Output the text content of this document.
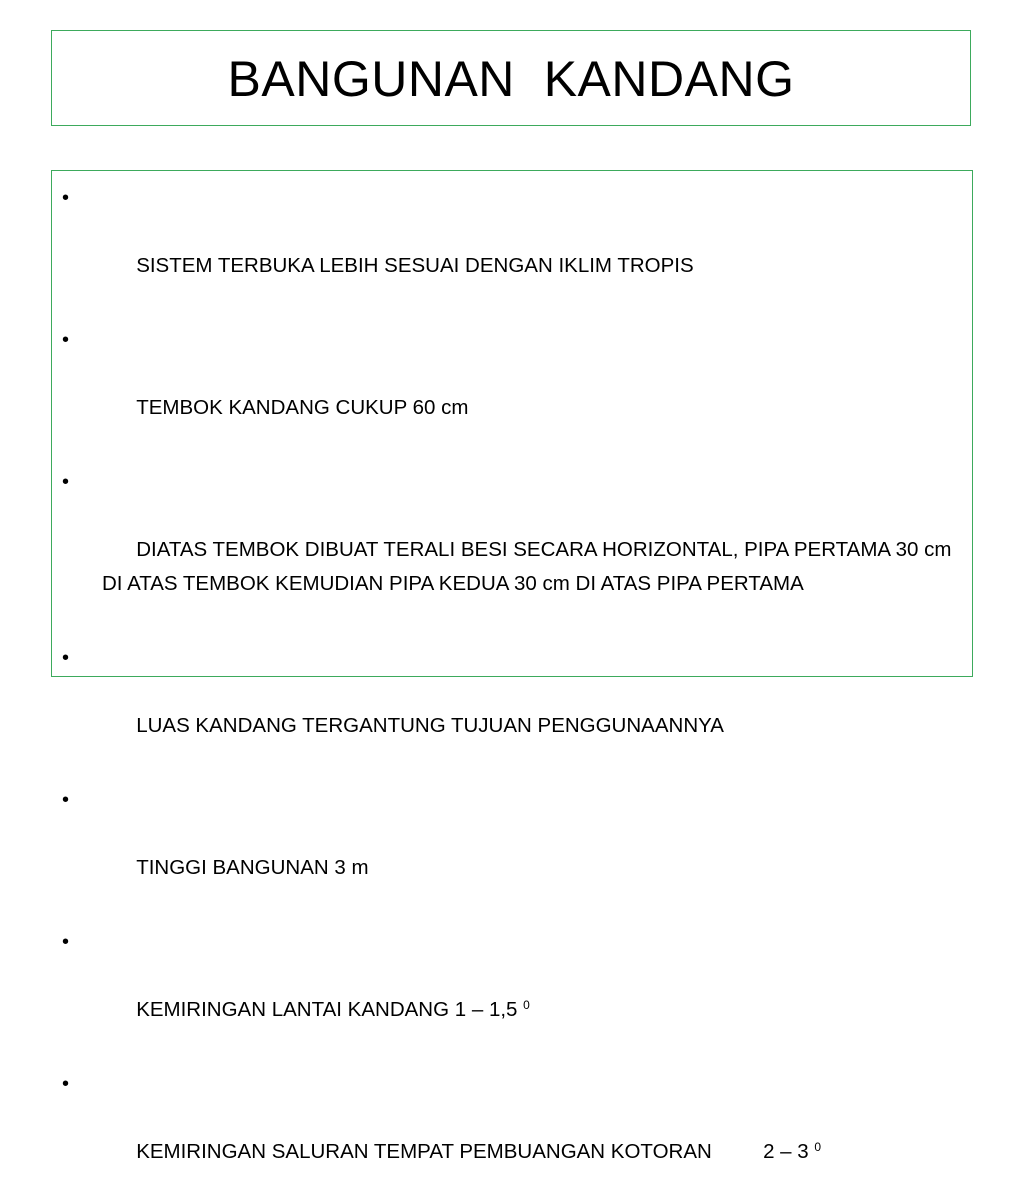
BANGUNAN  KANDANG

•

SISTEM TERBUKA LEBIH SESUAI DENGAN IKLIM TROPIS

•

TEMBOK KANDANG CUKUP 60 cm

•

DIATAS TEMBOK DIBUAT TERALI BESI SECARA HORIZONTAL, PIPA PERTAMA 30 cm DI ATAS TEMBOK KEMUDIAN PIPA KEDUA 30 cm DI ATAS PIPA PERTAMA

•

LUAS KANDANG TERGANTUNG TUJUAN PENGGUNAANNYA

•

TINGGI BANGUNAN 3 m

•

KEMIRINGAN LANTAI KANDANG 1 – 1,5 $^0$

•

KEMIRINGAN SALURAN TEMPAT PEMBUANGAN KOTORAN         2 – 3 $^0$
